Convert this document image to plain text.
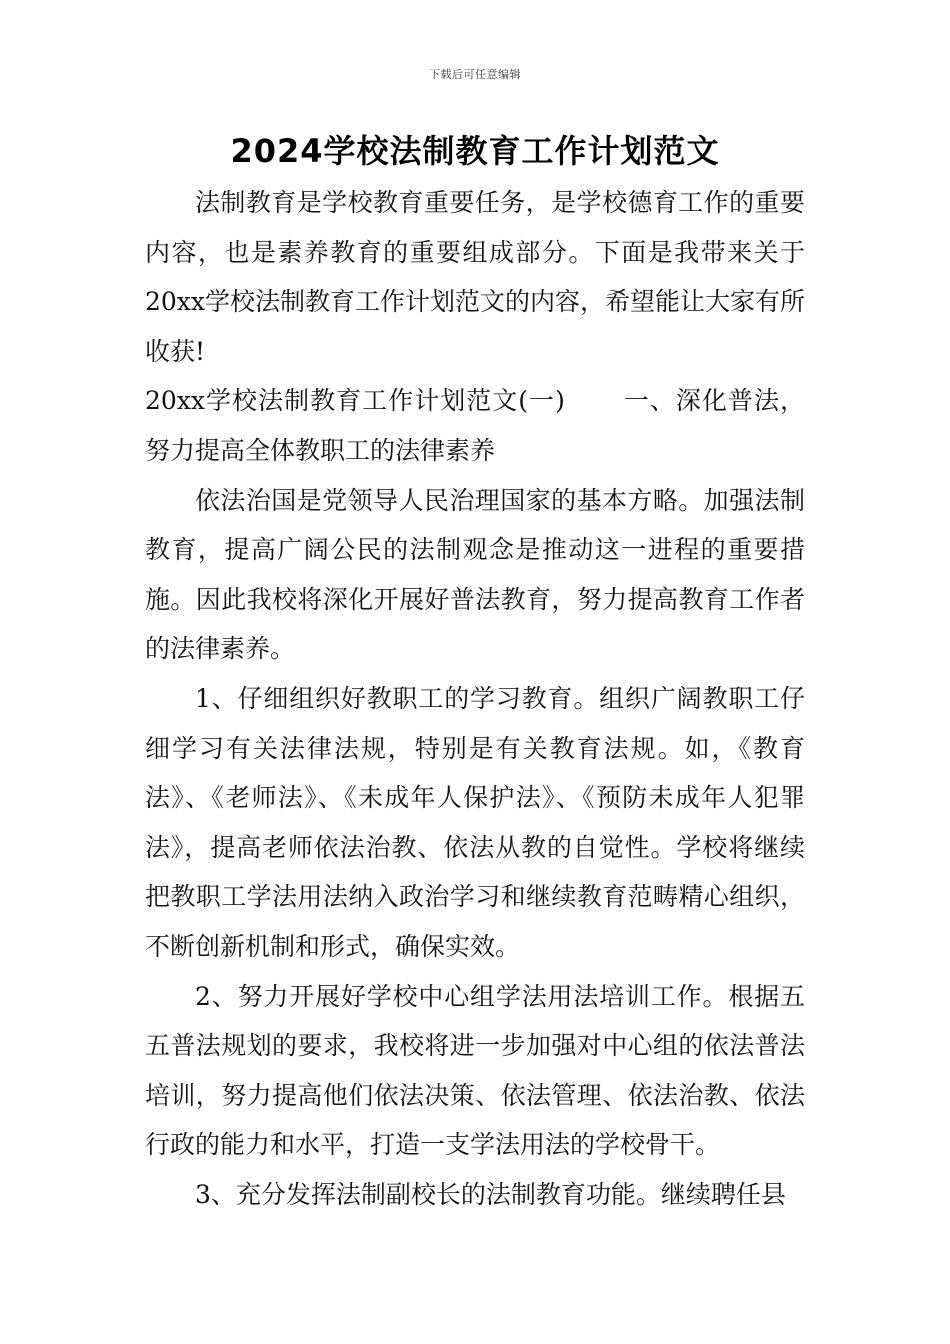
下载后可任意编辑
2024学校法制教育工作计划范文

法制教育是学校教育重要任务，是学校德育工作的重要内容，也是素养教育的重要组成部分。下面是我带来关于20xx学校法制教育工作计划范文的内容，希望能让大家有所收获!

20xx学校法制教育工作计划范文(一) 一、深化普法，努力提高全体教职工的法律素养

依法治国是党领导人民治理国家的基本方略。加强法制教育，提高广阔公民的法制观念是推动这一进程的重要措施。因此我校将深化开展好普法教育，努力提高教育工作者的法律素养。

1、仔细组织好教职工的学习教育。组织广阔教职工仔细学习有关法律法规，特别是有关教育法规。如，《教育法》、《老师法》、《未成年人保护法》、《预防未成年人犯罪法》，提高老师依法治教、依法从教的自觉性。学校将继续把教职工学法用法纳入政治学习和继续教育范畴精心组织，不断创新机制和形式，确保实效。

2、努力开展好学校中心组学法用法培训工作。根据五五普法规划的要求，我校将进一步加强对中心组的依法普法培训，努力提高他们依法决策、依法管理、依法治教、依法行政的能力和水平，打造一支学法用法的学校骨干。

3、充分发挥法制副校长的法制教育功能。继续聘任县
